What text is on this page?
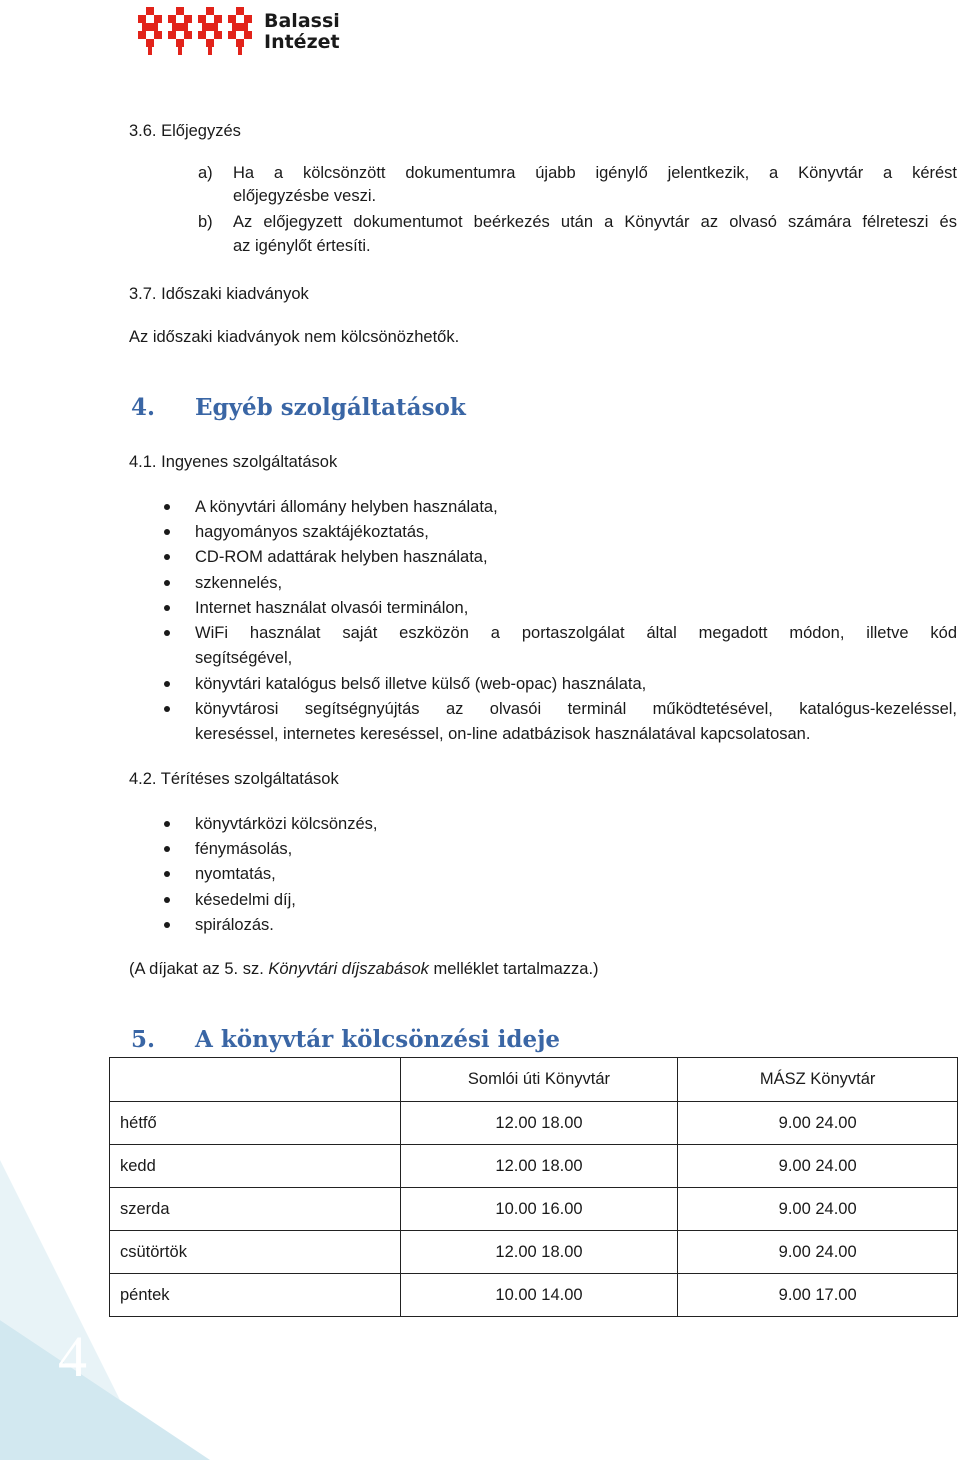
4
Balassi
Intézet
3.6. Előjegyzés
a) Ha a kölcsönzött dokumentumra újabb igénylő jelentkezik, a Könyvtár a kérést
előjegyzésbe veszi.
b) Az előjegyzett dokumentumot beérkezés után a Könyvtár az olvasó számára félreteszi és
az igénylőt értesíti.
3.7. Időszaki kiadványok
Az időszaki kiadványok nem kölcsönözhetők.
4. Egyéb szolgáltatások
4.1. Ingyenes szolgáltatások
A könyvtári állomány helyben használata,
hagyományos szaktájékoztatás,
CD-ROM adattárak helyben használata,
szkennelés,
Internet használat olvasói terminálon,
WiFi használat saját eszközön a portaszolgálat által megadott módon, illetve kód
segítségével,
könyvtári katalógus belső illetve külső (web-opac) használata,
könyvtárosi segítségnyújtás az olvasói terminál működtetésével, katalógus-kezeléssel,
kereséssel, internetes kereséssel, on-line adatbázisok használatával kapcsolatosan.
4.2. Térítéses szolgáltatások
könyvtárközi kölcsönzés,
fénymásolás,
nyomtatás,
késedelmi díj,
spirálozás.
(A díjakat az 5. sz. Könyvtári díjszabások melléklet tartalmazza.)
5. A könyvtár kölcsönzési ideje
	Somlói úti Könyvtár	MÁSZ Könyvtár
hétfő	12.00 18.00	9.00 24.00
kedd	12.00 18.00	9.00 24.00
szerda	10.00 16.00	9.00 24.00
csütörtök	12.00 18.00	9.00 24.00
péntek	10.00 14.00	9.00 17.00
